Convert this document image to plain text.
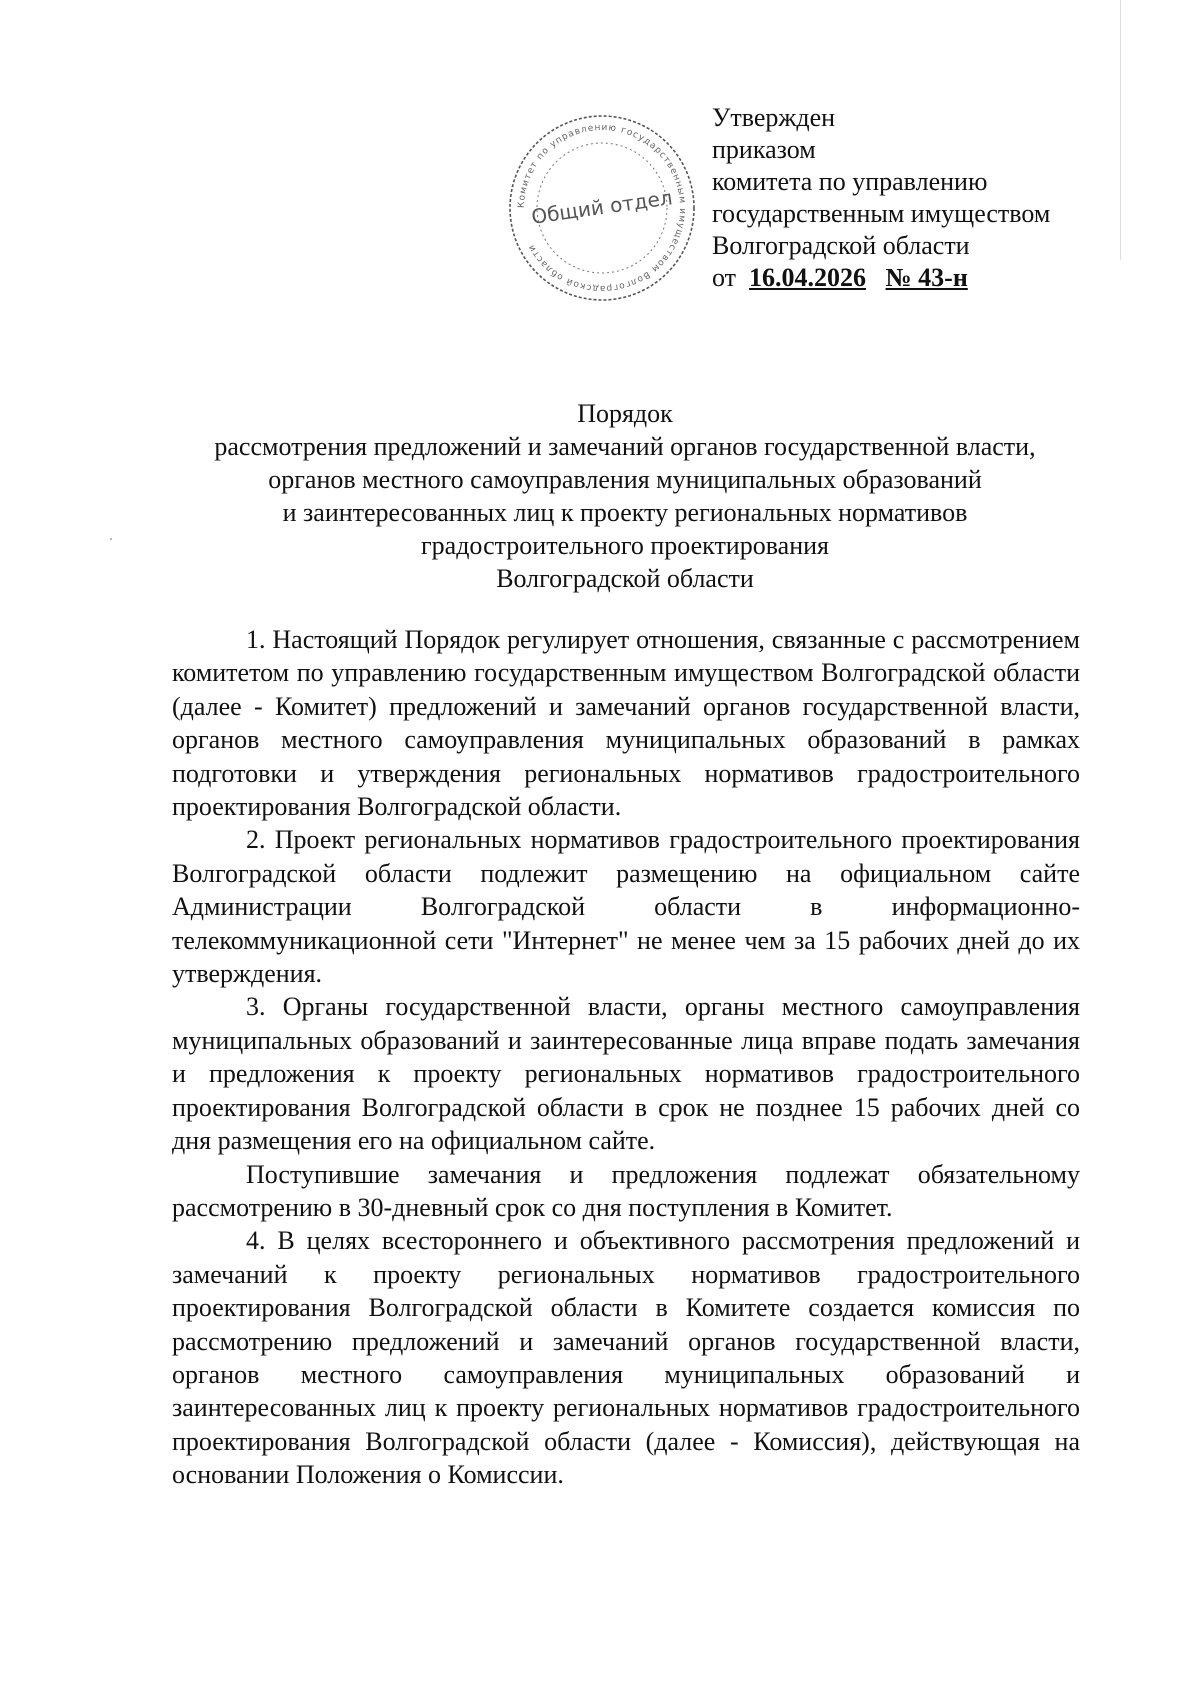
Комитет по управлению государственным имуществом Волгоградской области
Общий отдел
Утвержден
приказом
комитета по управлению
государственным имуществом
Волгоградской области
от 16.04.2026 № 43-н
Порядок
рассмотрения предложений и замечаний органов государственной власти,
органов местного самоуправления муниципальных образований
и заинтересованных лиц к проекту региональных нормативов
градостроительного проектирования
Волгоградской области

1. Настоящий Порядок регулирует отношения, связанные с рассмотрением комитетом по управлению государственным имуществом Волгоградской области (далее - Комитет) предложений и замечаний органов государственной власти, органов местного самоуправления муниципальных образований в рамках подготовки и утверждения региональных нормативов градостроительного проектирования Волгоградской области.

2. Проект региональных нормативов градостроительного проектирования Волгоградской области подлежит размещению на официальном сайте Администрации Волгоградской области в информационно-телекоммуникационной сети "Интернет" не менее чем за 15 рабочих дней до их утверждения.

3. Органы государственной власти, органы местного самоуправления муниципальных образований и заинтересованные лица вправе подать замечания и предложения к проекту региональных нормативов градостроительного проектирования Волгоградской области в срок не позднее 15 рабочих дней со дня размещения его на официальном сайте.

Поступившие замечания и предложения подлежат обязательному рассмотрению в 30-дневный срок со дня поступления в Комитет.

4. В целях всестороннего и объективного рассмотрения предложений и замечаний к проекту региональных нормативов градостроительного проектирования Волгоградской области в Комитете создается комиссия по рассмотрению предложений и замечаний органов государственной власти, органов местного самоуправления муниципальных образований и заинтересованных лиц к проекту региональных нормативов градостроительного проектирования Волгоградской области (далее - Комиссия), действующая на основании Положения о Комиссии.
